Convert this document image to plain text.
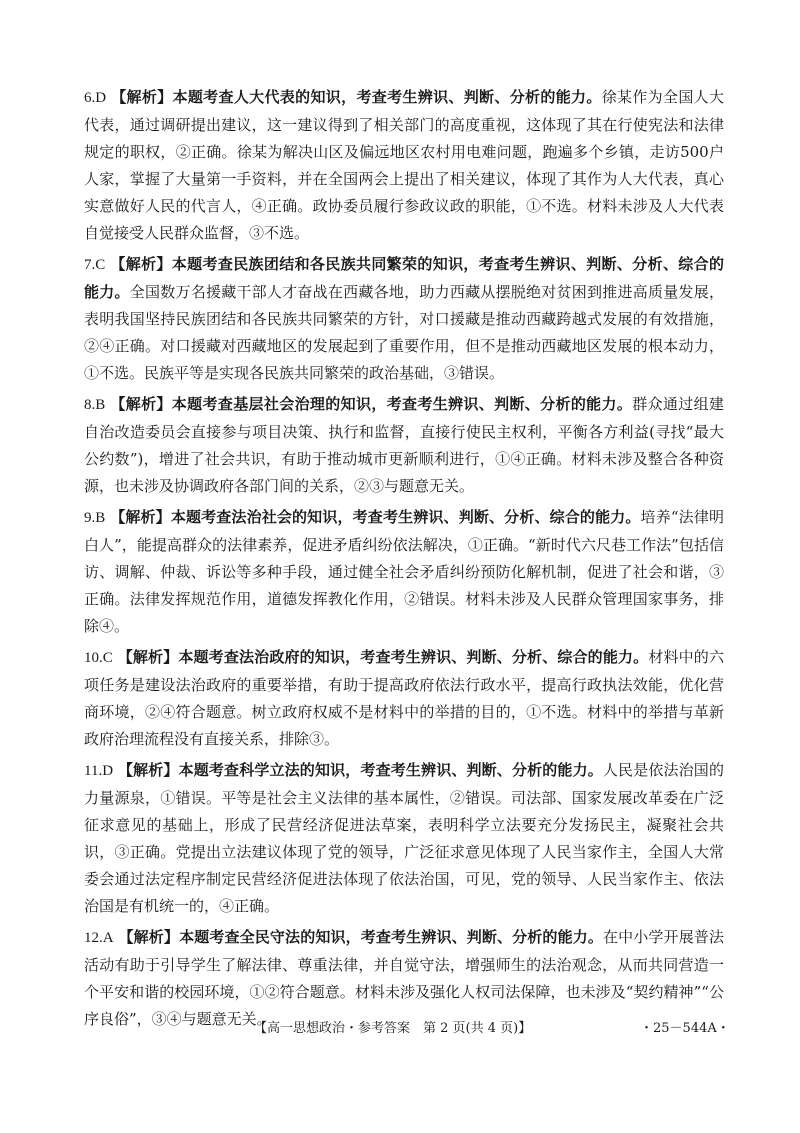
6.D 【解析】本题考查人大代表的知识，考查考生辨识、判断、分析的能力。徐某作为全国人大代表，通过调研提出建议，这一建议得到了相关部门的高度重视，这体现了其在行使宪法和法律规定的职权，②正确。徐某为解决山区及偏远地区农村用电难问题，跑遍多个乡镇，走访500户人家，掌握了大量第一手资料，并在全国两会上提出了相关建议，体现了其作为人大代表，真心实意做好人民的代言人，④正确。政协委员履行参政议政的职能，①不选。材料未涉及人大代表自觉接受人民群众监督，③不选。
7.C 【解析】本题考查民族团结和各民族共同繁荣的知识，考查考生辨识、判断、分析、综合的能力。全国数万名援藏干部人才奋战在西藏各地，助力西藏从摆脱绝对贫困到推进高质量发展，表明我国坚持民族团结和各民族共同繁荣的方针，对口援藏是推动西藏跨越式发展的有效措施，②④正确。对口援藏对西藏地区的发展起到了重要作用，但不是推动西藏地区发展的根本动力，①不选。民族平等是实现各民族共同繁荣的政治基础，③错误。
8.B 【解析】本题考查基层社会治理的知识，考查考生辨识、判断、分析的能力。群众通过组建自治改造委员会直接参与项目决策、执行和监督，直接行使民主权利，平衡各方利益(寻找“最大公约数”)，增进了社会共识，有助于推动城市更新顺利进行，①④正确。材料未涉及整合各种资源，也未涉及协调政府各部门间的关系，②③与题意无关。
9.B 【解析】本题考查法治社会的知识，考查考生辨识、判断、分析、综合的能力。培养“法律明白人”，能提高群众的法律素养，促进矛盾纠纷依法解决，①正确。“新时代六尺巷工作法”包括信访、调解、仲裁、诉讼等多种手段，通过健全社会矛盾纠纷预防化解机制，促进了社会和谐，③正确。法律发挥规范作用，道德发挥教化作用，②错误。材料未涉及人民群众管理国家事务，排除④。
10.C 【解析】本题考查法治政府的知识，考查考生辨识、判断、分析、综合的能力。材料中的六项任务是建设法治政府的重要举措，有助于提高政府依法行政水平，提高行政执法效能，优化营商环境，②④符合题意。树立政府权威不是材料中的举措的目的，①不选。材料中的举措与革新政府治理流程没有直接关系，排除③。
11.D 【解析】本题考查科学立法的知识，考查考生辨识、判断、分析的能力。人民是依法治国的力量源泉，①错误。平等是社会主义法律的基本属性，②错误。司法部、国家发展改革委在广泛征求意见的基础上，形成了民营经济促进法草案，表明科学立法要充分发扬民主，凝聚社会共识，③正确。党提出立法建议体现了党的领导，广泛征求意见体现了人民当家作主，全国人大常委会通过法定程序制定民营经济促进法体现了依法治国，可见，党的领导、人民当家作主、依法治国是有机统一的，④正确。
12.A 【解析】本题考查全民守法的知识，考查考生辨识、判断、分析的能力。在中小学开展普法活动有助于引导学生了解法律、尊重法律，并自觉守法，增强师生的法治观念，从而共同营造一个平安和谐的校园环境，①②符合题意。材料未涉及强化人权司法保障，也未涉及“契约精神”“公序良俗”，③④与题意无关。
【高一思想政治・参考答案　第 2 页(共 4 页)】	・25－544A・
